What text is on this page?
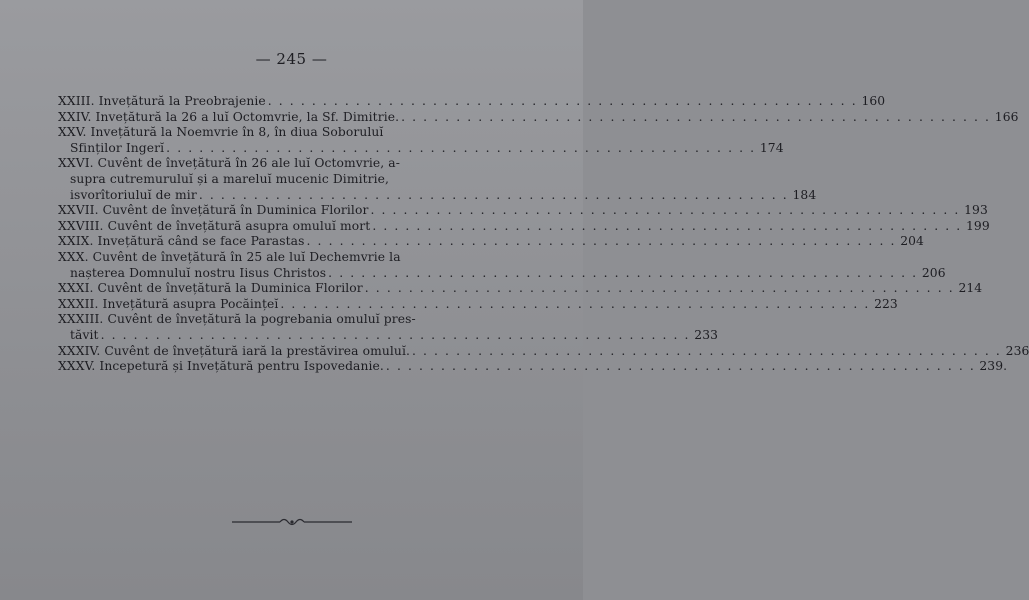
— 245 —
XXIII. Invețătură la Preobrajenie . . . . . . . . . . . . . . . . . . . . . . . . . . . . . . . . . . . . . . . . . . . . . . . . . . . . . . 160
XXIV. Invețătură la 26 a luĭ Octomvrie, la Sf. Dimitrie. . . . . . . . . . . . . . . . . . . . . . . . . . . . . . . . . . . . . . . . . . . . . . . . . . . . . . . 166
XXV. Invețătură la Noemvrie în 8, în dіua Soboruluĭ
Sfinților Ingerĭ . . . . . . . . . . . . . . . . . . . . . . . . . . . . . . . . . . . . . . . . . . . . . . . . . . . . . . 174
XXVI. Cuvênt de învețătură în 26 ale luĭ Octomvrie, a-
supra cutremuruluĭ și a mareluĭ mucenic Dimitrie,
isvorîtoriuluĭ de mir . . . . . . . . . . . . . . . . . . . . . . . . . . . . . . . . . . . . . . . . . . . . . . . . . . . . . . 184
XXVII. Cuvênt de învețătură în Duminica Florilor . . . . . . . . . . . . . . . . . . . . . . . . . . . . . . . . . . . . . . . . . . . . . . . . . . . . . . 193
XXVIII. Cuvênt de învețătură asupra omuluĭ mort . . . . . . . . . . . . . . . . . . . . . . . . . . . . . . . . . . . . . . . . . . . . . . . . . . . . . . 199
XXIX. Invețătură când se face Parastas . . . . . . . . . . . . . . . . . . . . . . . . . . . . . . . . . . . . . . . . . . . . . . . . . . . . . . 204
XXX. Cuvênt de învețătură în 25 ale luĭ Dechemvrie la
nașterea Domnuluĭ nostru Iisus Christos . . . . . . . . . . . . . . . . . . . . . . . . . . . . . . . . . . . . . . . . . . . . . . . . . . . . . . 206
XXXI. Cuvênt de învețătură la Duminica Florilor . . . . . . . . . . . . . . . . . . . . . . . . . . . . . . . . . . . . . . . . . . . . . . . . . . . . . . 214
XXXII. Invețătură asupra Pocăințeĭ . . . . . . . . . . . . . . . . . . . . . . . . . . . . . . . . . . . . . . . . . . . . . . . . . . . . . . 223
XXXIII. Cuvênt de învețătură la pogrebania omuluĭ pres-
tăvit . . . . . . . . . . . . . . . . . . . . . . . . . . . . . . . . . . . . . . . . . . . . . . . . . . . . . . 233
XXXIV. Cuvênt de învețătură iară la prestăvirea omuluĭ. . . . . . . . . . . . . . . . . . . . . . . . . . . . . . . . . . . . . . . . . . . . . . . . . . . . . . . 236
XXXV. Incepetură și Invețătură pentru Ispovedanie. . . . . . . . . . . . . . . . . . . . . . . . . . . . . . . . . . . . . . . . . . . . . . . . . . . . . . . 239.
